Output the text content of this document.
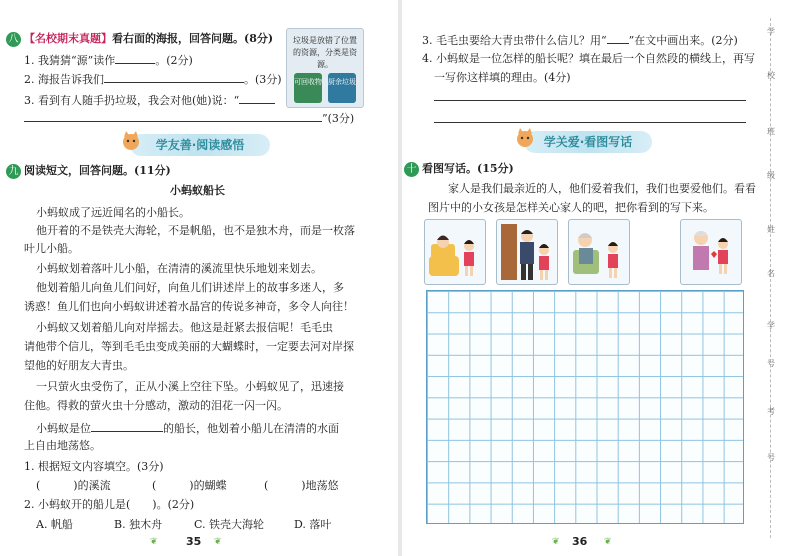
八 【名校期末真题】看右面的海报，回答问题。(8分)
1. 我猜猜“源”读作	。(2分)
2. 海报告诉我们	。(3分)
3. 看到有人随手扔垃圾，我会对他(她)说：“
”(3分)
垃圾是放错了位置的资源，分类是资源。
可回收物 厨余垃圾
学友善·阅读感悟
九 阅读短文，回答问题。(11分)
小蚂蚁船长
小蚂蚁成了远近闻名的小船长。
他开着的不是铁壳大海轮，不是帆船，也不是独木舟，而是一枚落
叶儿小船。
小蚂蚁划着落叶儿小船，在清清的溪流里快乐地划来划去。
他划着船儿向鱼儿们问好，向鱼儿们讲述岸上的故事多迷人，多
诱惑！鱼儿们也向小蚂蚁讲述着水晶宫的传说多神奇，多令人向往！
小蚂蚁又划着船儿向对岸摇去。他这是赶紧去报信呢！毛毛虫
请他带个信儿，等到毛毛虫变成美丽的大蝴蝶时，一定要去河对岸探
望他的好朋友大青虫。
一只萤火虫受伤了，正从小溪上空往下坠。小蚂蚁见了，迅速接
住他。得救的萤火虫十分感动，激动的泪花一闪一闪。
小蚂蚁是位	的船长，他划着小船儿在清清的水面
上自由地荡悠。
1. 根据短文内容填空。(3分)
(　　　)的溪流	(　　　)的蝴蝶	(　　　)地荡悠
2. 小蚂蚁开的船儿是(　　)。(2分)
A. 帆船	B. 独木舟	C. 铁壳大海轮	D. 落叶
❦	35 ❦
3. 毛毛虫要给大青虫带什么信儿？用“ ”在文中画出来。(2分)
4. 小蚂蚁是一位怎样的船长呢？填在最后一个自然段的横线上，再写
一写你这样填的理由。(4分)
学关爱·看图写话
十 看图写话。(15分)
家人是我们最亲近的人，他们爱着我们，我们也要爱他们。看看
图片中的小女孩是怎样关心家人的吧，把你看到的写下来。
❦ 36 ❦
学
校
班
级
姓
名
学
号
考
号
